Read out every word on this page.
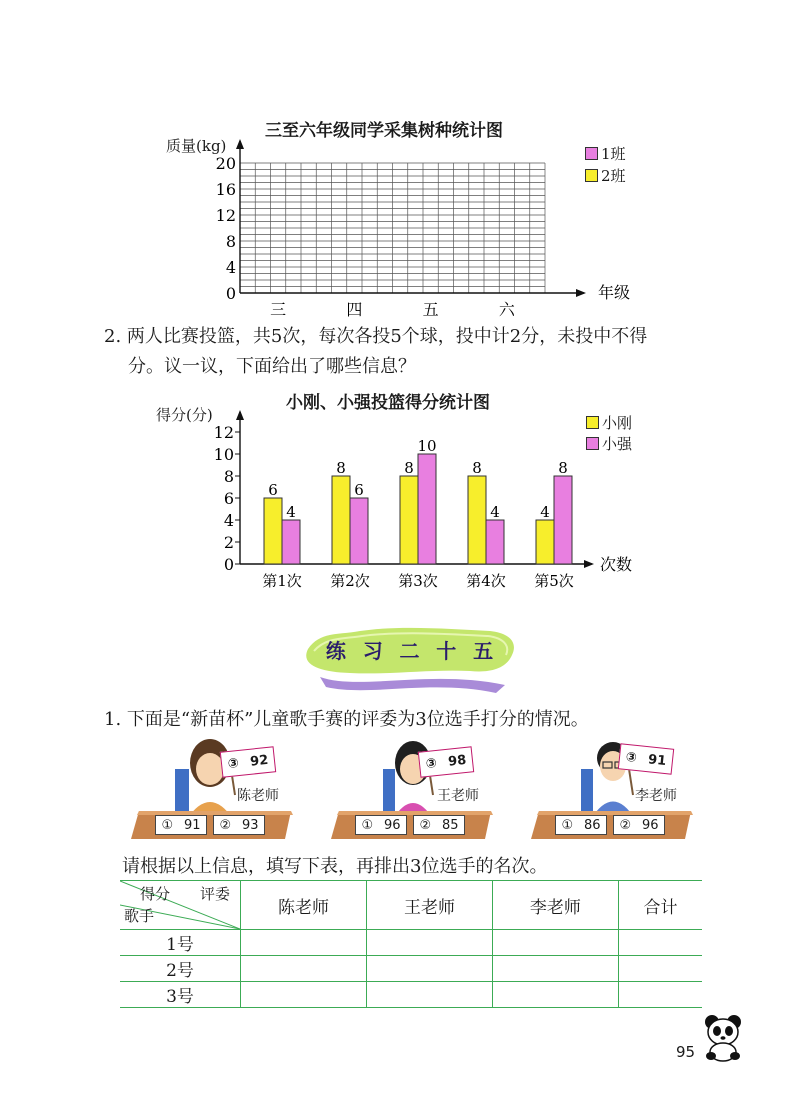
三至六年级同学采集树种统计图
质量(kg)	1班
2班
0
4
8
12
16
20
三	四	五	六
年级
2. 两人比赛投篮，共5次，每次各投5个球，投中计2分，未投中不得
分。议一议，下面给出了哪些信息？
小刚、小强投篮得分统计图
得分(分)	小刚
小强
0
2
4
6
8
10
12
6
4
第1次
8
6
第2次
8
10
第3次
8
4
第4次
4
8
第5次
次数
练 习 二 十 五
1. 下面是“新苗杯”儿童歌手赛的评委为3位选手打分的情况。
③ 92
陈老师
① 91 ② 93
③ 98
王老师
① 96 ② 85
③ 91
李老师
① 86 ② 96
请根据以上信息，填写下表，再排出3位选手的名次。
得分 评委
歌手	陈老师	王老师	李老师	合计
1号				
2号				
3号				
95
